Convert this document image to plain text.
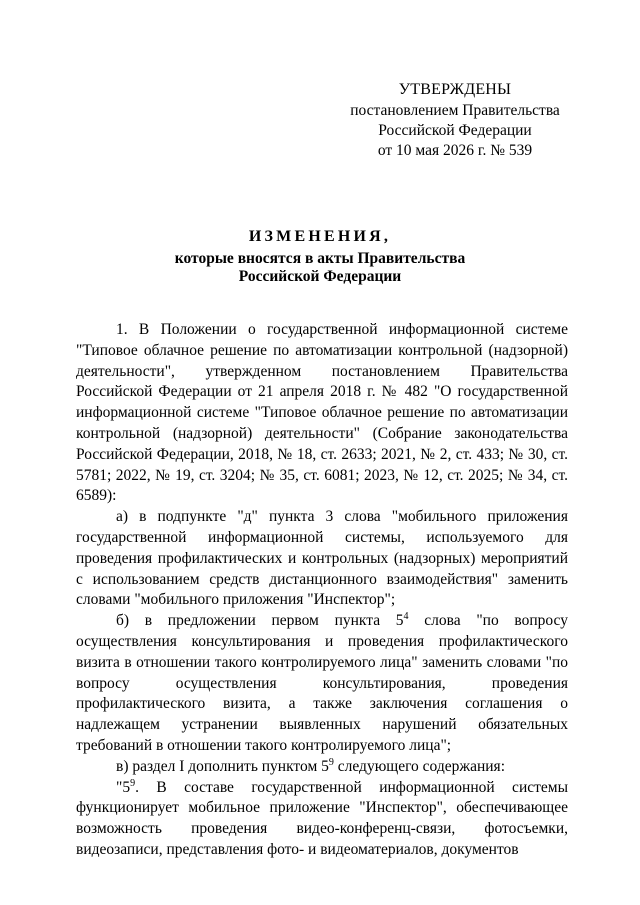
УТВЕРЖДЕНЫ
постановлением Правительства
Российской Федерации
от 10 мая 2026 г. № 539
ИЗМЕНЕНИЯ,
которые вносятся в акты Правительства
Российской Федерации

1. В Положении о государственной информационной системе "Типовое облачное решение по автоматизации контрольной (надзорной) деятельности", утвержденном постановлением Правительства Российской Федерации от 21 апреля 2018 г. № 482 "О государственной информационной системе "Типовое облачное решение по автоматизации контрольной (надзорной) деятельности" (Собрание законодательства Российской Федерации, 2018, № 18, ст. 2633; 2021, № 2, ст. 433; № 30, ст. 5781; 2022, № 19, ст. 3204; № 35, ст. 6081; 2023, № 12, ст. 2025; № 34, ст. 6589):

а) в подпункте "д" пункта 3 слова "мобильного приложения государственной информационной системы, используемого для проведения профилактических и контрольных (надзорных) мероприятий с использованием средств дистанционного взаимодействия" заменить словами "мобильного приложения "Инспектор";

б) в предложении первом пункта $5^4$ слова "по вопросу осуществления консультирования и проведения профилактического визита в отношении такого контролируемого лица" заменить словами "по вопросу осуществления консультирования, проведения профилактического визита, а также заключения соглашения о надлежащем устранении выявленных нарушений обязательных требований в отношении такого контролируемого лица";

в) раздел I дополнить пунктом $5^9$ следующего содержания:

"$5^9$. В составе государственной информационной системы функционирует мобильное приложение "Инспектор", обеспечивающее возможность проведения видео-конференц-связи, фотосъемки, видеозаписи, представления фото- и видеоматериалов, документов
